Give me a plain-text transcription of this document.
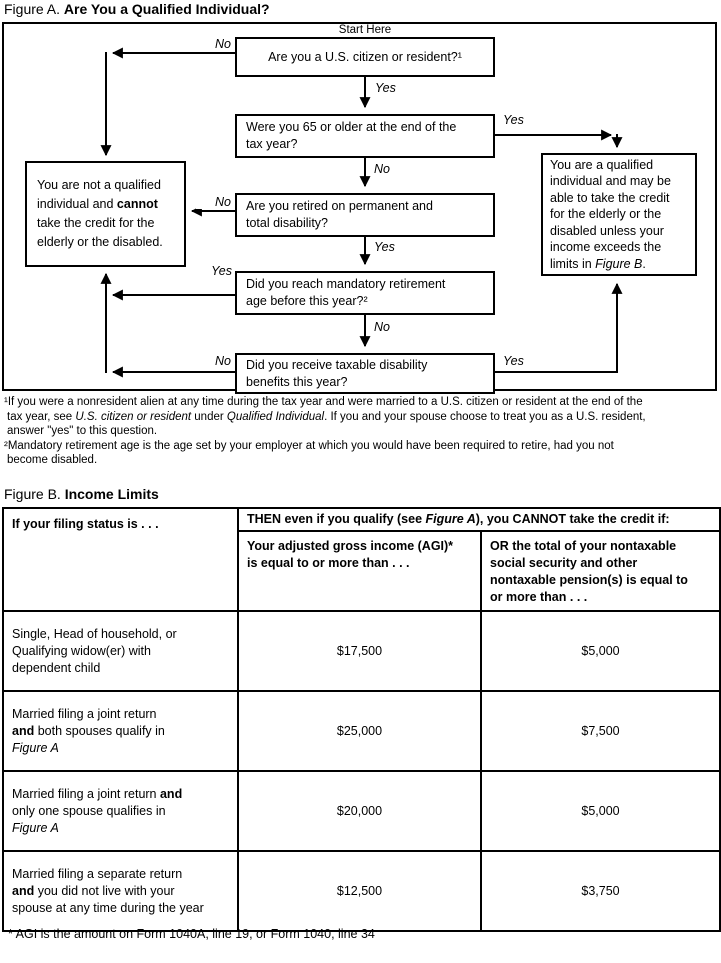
Figure A. Are You a Qualified Individual?
Start Here
Are you a U.S. citizen or resident?¹
Were you 65 or older at the end of the
tax year?
Are you retired on permanent and
total disability?
Did you reach mandatory retirement
age before this year?²
Did you receive taxable disability
benefits this year?
You are not a qualified
individual and cannot
take the credit for the
elderly or the disabled.
You are a qualified
individual and may be
able to take the credit
for the elderly or the
disabled unless your
income exceeds the
limits in Figure B.
No
Yes
Yes
No
No
Yes
Yes
No
No	Yes

¹If you were a nonresident alien at any time during the tax year and were married to a U.S. citizen or resident at the end of the
tax year, see U.S. citizen or resident under Qualified Individual. If you and your spouse choose to treat you as a U.S. resident,
answer "yes" to this question.

²Mandatory retirement age is the age set by your employer at which you would have been required to retire, had you not
become disabled.

Figure B. Income Limits
If your filing status is . . .	THEN even if you qualify (see Figure A), you CANNOT take the credit if:	
	Your adjusted gross income (AGI)*
is equal to or more than . . .	OR the total of your nontaxable
social security and other
nontaxable pension(s) is equal to
or more than . . .
Single, Head of household, or
Qualifying widow(er) with
dependent child	$17,500	$5,000
Married filing a joint return
and both spouses qualify in
Figure A	$25,000	$7,500
Married filing a joint return and
only one spouse qualifies in
Figure A	$20,000	$5,000
Married filing a separate return
and you did not live with your
spouse at any time during the year	$12,500	$3,750
* AGI is the amount on Form 1040A, line 19, or Form 1040, line 34
